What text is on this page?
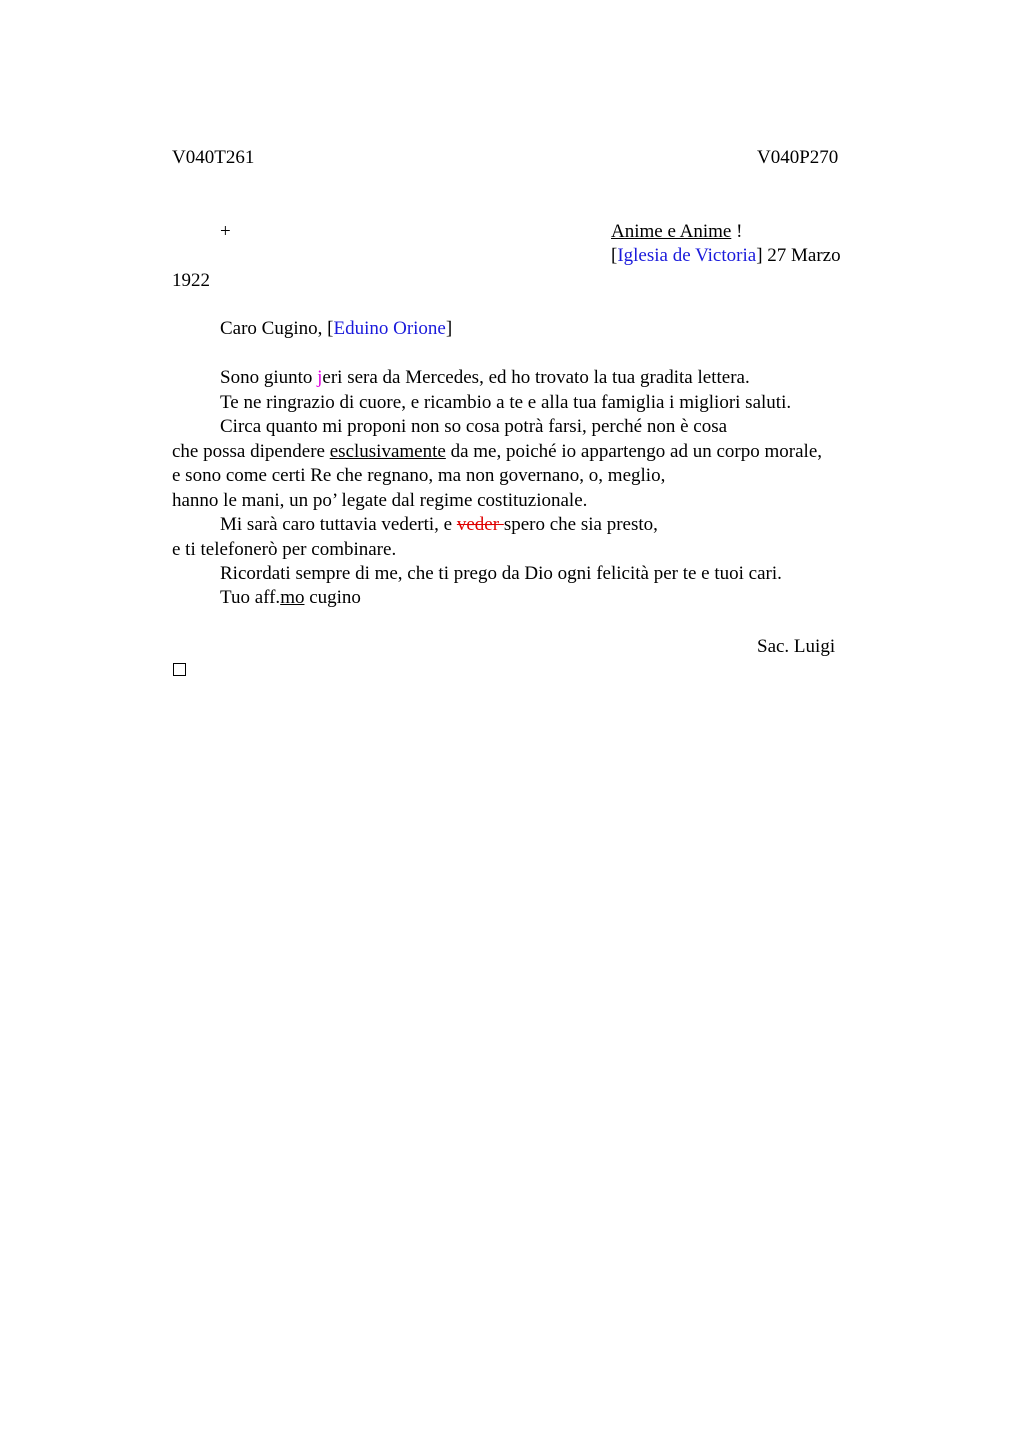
V040T261	V040P270
+	Anime e Anime !
[Iglesia de Victoria] 27 Marzo
1922
Caro Cugino, [Eduino Orione]
Sono giunto jeri sera da Mercedes, ed ho trovato la tua gradita lettera.
Te ne ringrazio di cuore, e ricambio a te e alla tua famiglia i migliori saluti.
Circa quanto mi proponi non so cosa potrà farsi, perché non è cosa
che possa dipendere esclusivamente da me, poiché io appartengo ad un corpo morale,
e sono come certi Re che regnano, ma non governano, o, meglio,
hanno le mani, un po’ legate dal regime costituzionale.
Mi sarà caro tuttavia vederti, e veder spero che sia presto,
e ti telefonerò per combinare.
Ricordati sempre di me, che ti prego da Dio ogni felicità per te e tuoi cari.
Tuo aff.mo cugino
Sac. Luigi
